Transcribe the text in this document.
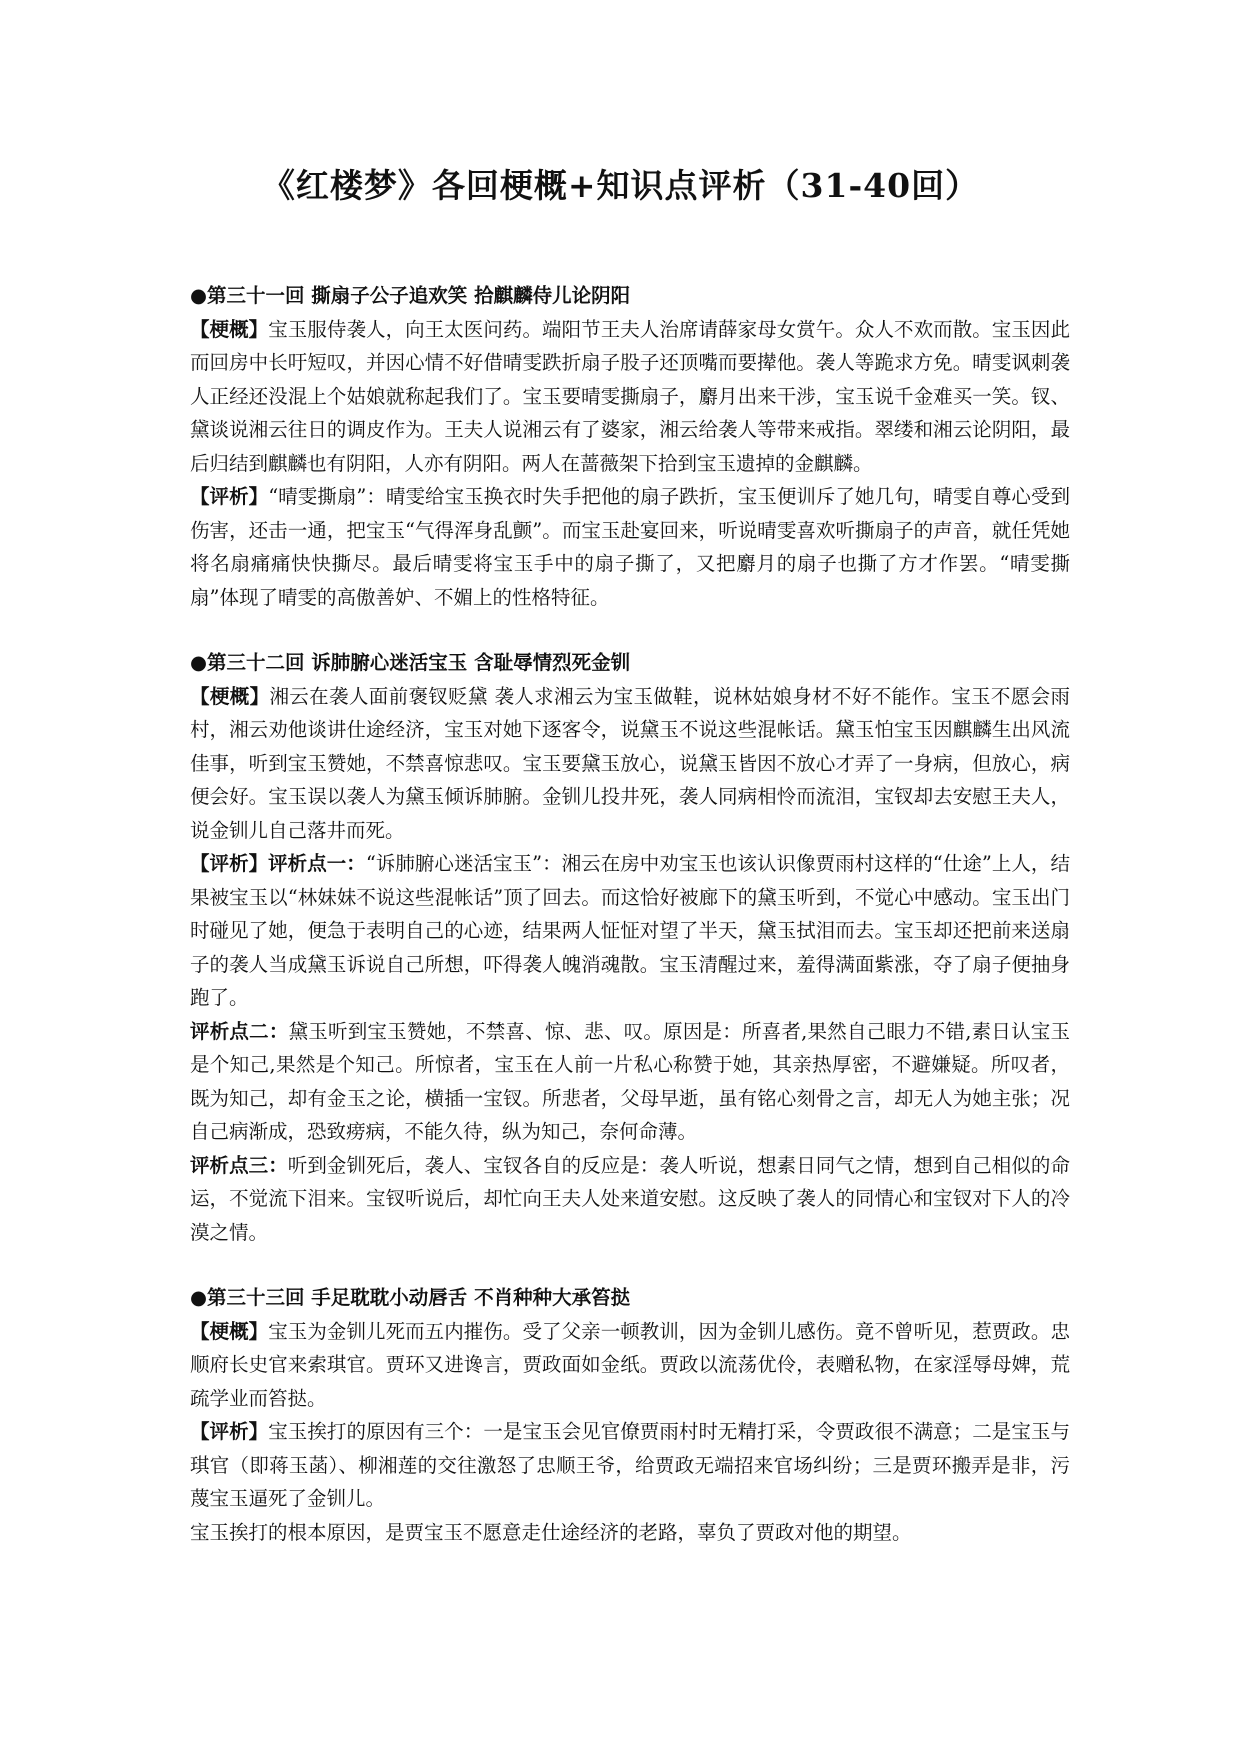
《红楼梦》各回梗概+知识点评析（31-40回）

●第三十一回 撕扇子公子追欢笑 拾麒麟侍儿论阴阳

【梗概】宝玉服侍袭人，向王太医问药。端阳节王夫人治席请薛家母女赏午。众人不欢而散。宝玉因此而回房中长吁短叹，并因心情不好借晴雯跌折扇子股子还顶嘴而要撵他。袭人等跪求方免。晴雯讽刺袭人正经还没混上个姑娘就称起我们了。宝玉要晴雯撕扇子，麝月出来干涉，宝玉说千金难买一笑。钗、黛谈说湘云往日的调皮作为。王夫人说湘云有了婆家，湘云给袭人等带来戒指。翠缕和湘云论阴阳，最后归结到麒麟也有阴阳，人亦有阴阳。两人在蔷薇架下拾到宝玉遗掉的金麒麟。

【评析】“晴雯撕扇”：晴雯给宝玉换衣时失手把他的扇子跌折，宝玉便训斥了她几句，晴雯自尊心受到伤害，还击一通，把宝玉“气得浑身乱颤”。而宝玉赴宴回来，听说晴雯喜欢听撕扇子的声音，就任凭她将名扇痛痛快快撕尽。最后晴雯将宝玉手中的扇子撕了，又把麝月的扇子也撕了方才作罢。“晴雯撕扇”体现了晴雯的高傲善妒、不媚上的性格特征。

●第三十二回 诉肺腑心迷活宝玉 含耻辱情烈死金钏

【梗概】湘云在袭人面前褒钗贬黛 袭人求湘云为宝玉做鞋，说林姑娘身材不好不能作。宝玉不愿会雨村，湘云劝他谈讲仕途经济，宝玉对她下逐客令，说黛玉不说这些混帐话。黛玉怕宝玉因麒麟生出风流佳事，听到宝玉赞她，不禁喜惊悲叹。宝玉要黛玉放心，说黛玉皆因不放心才弄了一身病，但放心，病便会好。宝玉误以袭人为黛玉倾诉肺腑。金钏儿投井死，袭人同病相怜而流泪，宝钗却去安慰王夫人，说金钏儿自己落井而死。

【评析】评析点一：“诉肺腑心迷活宝玉”：湘云在房中劝宝玉也该认识像贾雨村这样的“仕途”上人，结果被宝玉以“林妹妹不说这些混帐话”顶了回去。而这恰好被廊下的黛玉听到，不觉心中感动。宝玉出门时碰见了她，便急于表明自己的心迹，结果两人怔怔对望了半天，黛玉拭泪而去。宝玉却还把前来送扇子的袭人当成黛玉诉说自己所想，吓得袭人魄消魂散。宝玉清醒过来，羞得满面紫涨，夺了扇子便抽身跑了。

评析点二：黛玉听到宝玉赞她，不禁喜、惊、悲、叹。原因是：所喜者,果然自己眼力不错,素日认宝玉是个知己,果然是个知己。所惊者，宝玉在人前一片私心称赞于她，其亲热厚密，不避嫌疑。所叹者，既为知己，却有金玉之论，横插一宝钗。所悲者，父母早逝，虽有铭心刻骨之言，却无人为她主张；况自己病渐成，恐致痨病，不能久待，纵为知己，奈何命薄。

评析点三：听到金钏死后，袭人、宝钗各自的反应是：袭人听说，想素日同气之情，想到自己相似的命运，不觉流下泪来。宝钗听说后，却忙向王夫人处来道安慰。这反映了袭人的同情心和宝钗对下人的冷漠之情。

●第三十三回 手足耽耽小动唇舌 不肖种种大承笞挞

【梗概】宝玉为金钏儿死而五内摧伤。受了父亲一顿教训，因为金钏儿感伤。竟不曾听见，惹贾政。忠顺府长史官来索琪官。贾环又进谗言，贾政面如金纸。贾政以流荡优伶，表赠私物，在家淫辱母婢，荒疏学业而笞挞。

【评析】宝玉挨打的原因有三个：一是宝玉会见官僚贾雨村时无精打采，令贾政很不满意；二是宝玉与琪官（即蒋玉菡）、柳湘莲的交往激怒了忠顺王爷，给贾政无端招来官场纠纷；三是贾环搬弄是非，污蔑宝玉逼死了金钏儿。

宝玉挨打的根本原因，是贾宝玉不愿意走仕途经济的老路，辜负了贾政对他的期望。
